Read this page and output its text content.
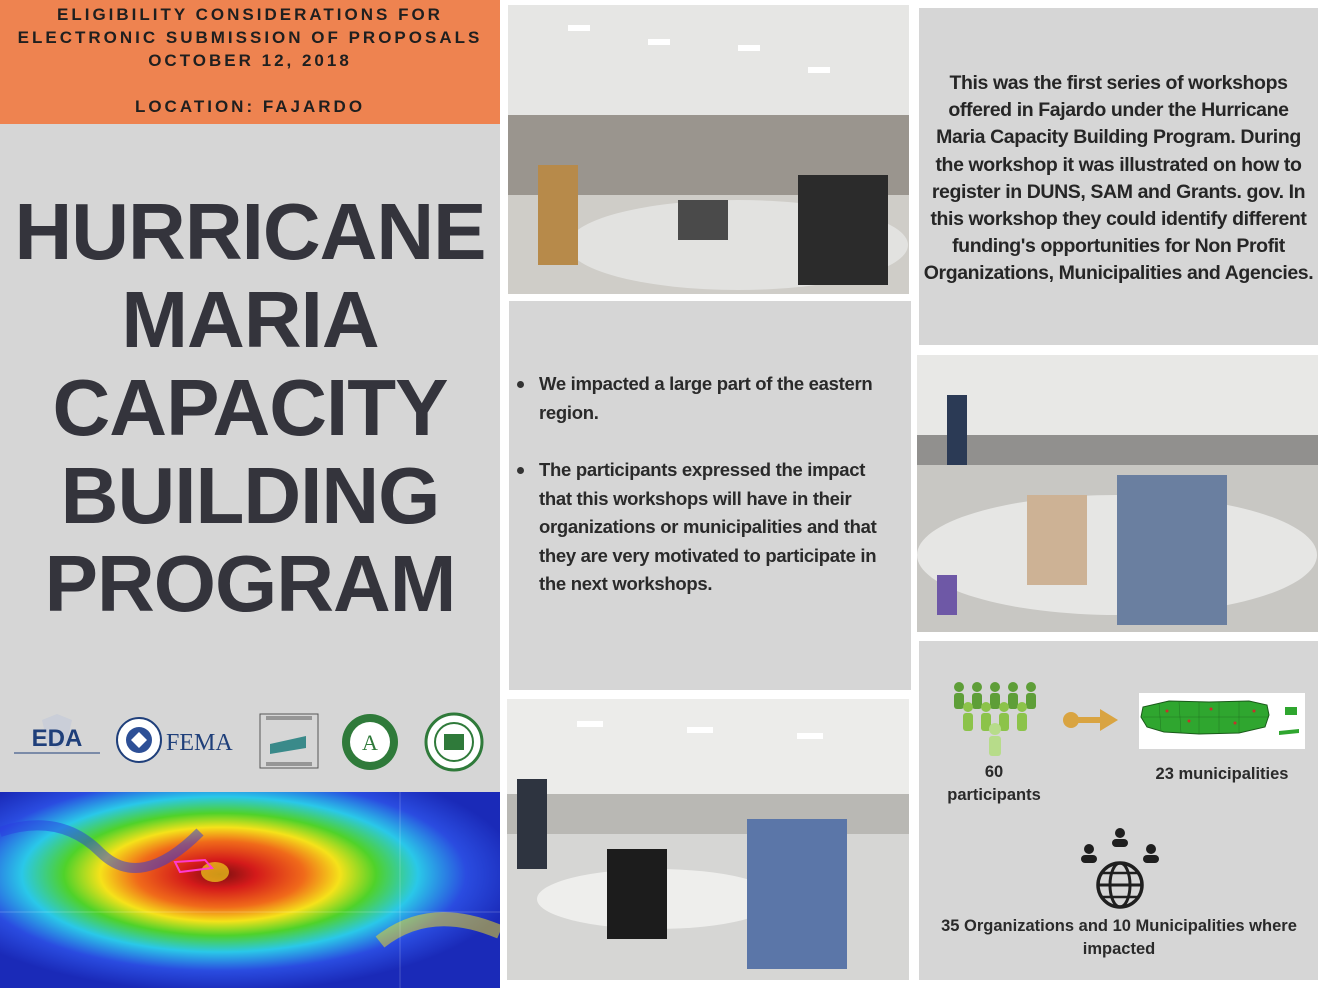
ELIGIBILITY CONSIDERATIONS FOR
ELECTRONIC SUBMISSION OF PROPOSALS
OCTOBER 12, 2018
LOCATION: FAJARDO
HURRICANE
MARIA
CAPACITY
BUILDING
PROGRAM
EDA	FEMA	A
We impacted a large part of the eastern region.
The participants expressed the impact that this workshops will have in their organizations or municipalities and that they are very motivated to participate in the next workshops.
This was the first series of workshops offered in Fajardo under the Hurricane Maria Capacity Building Program. During the workshop it was illustrated on how to register in DUNS, SAM and Grants. gov. In this workshop they could identify different funding's opportunities for Non Profit Organizations, Municipalities and Agencies.
60
participants
23 municipalities
35 Organizations and 10 Municipalities where impacted
